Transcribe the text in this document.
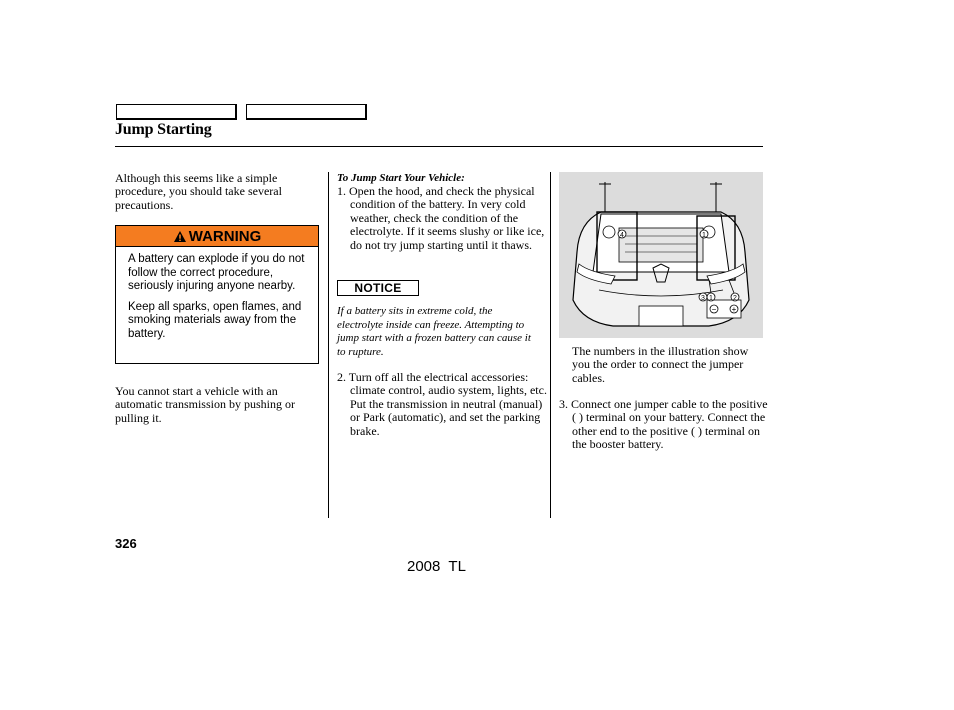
Jump Starting
Although this seems like a simple procedure, you should take several precautions.
WARNING
A battery can explode if you do not follow the correct procedure, seriously injuring anyone nearby.
Keep all sparks, open flames, and smoking materials away from the battery.
You cannot start a vehicle with an automatic transmission by pushing or pulling it.
To Jump Start Your Vehicle:
1. Open the hood, and check the physical condition of the battery. In very cold weather, check the condition of the electrolyte. If it seems slushy or like ice, do not try jump starting until it thaws.
NOTICE
If a battery sits in extreme cold, the electrolyte inside can freeze. Attempting to jump start with a frozen battery can cause it to rupture.
2. Turn off all the electrical accessories: climate control, audio system, lights, etc. Put the transmission in neutral (manual) or Park (automatic), and set the parking brake.
4	1
− +
3 1	2
The numbers in the illustration show you the order to connect the jumper cables.
3. Connect one jumper cable to the positive ( ) terminal on your battery. Connect the other end to the positive ( ) terminal on the booster battery.
326
2008  TL
